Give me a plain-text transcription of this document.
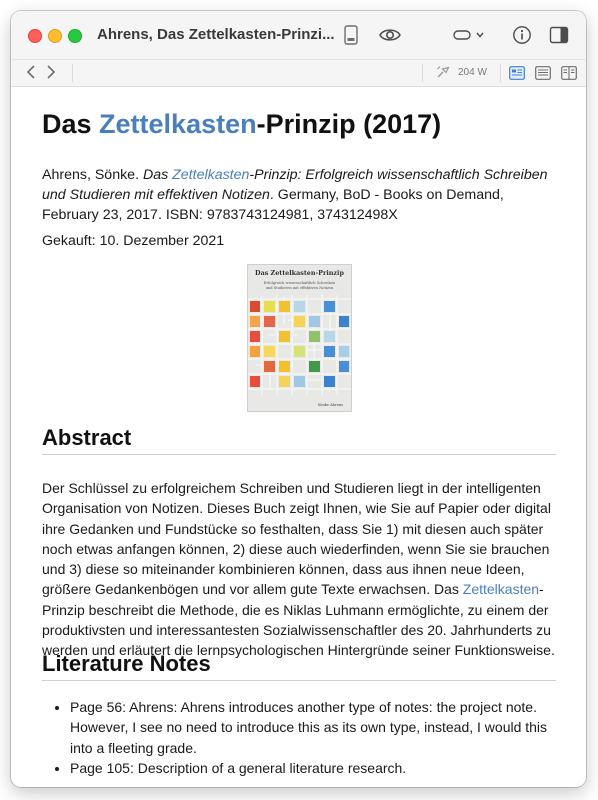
Ahrens, Das Zettelkasten-Prinzi...
204 W
Das Zettelkasten-Prinzip (2017)

Ahrens, Sönke. Das Zettelkasten-Prinzip: Erfolgreich wissenschaftlich Schreiben und Studieren mit effektiven Notizen. Germany, BoD - Books on Demand, February 23, 2017. ISBN: 9783743124981, 374312498X

Gekauft: 10. Dezember 2021

Das Zettelkasten-Prinzip
Erfolgreich wissenschaftlich Schreiben
und Studieren mit effektiven Notizen
Sönke Ahrens
Abstract

Der Schlüssel zu erfolgreichem Schreiben und Studieren liegt in der intelligenten Organisation von Notizen. Dieses Buch zeigt Ihnen, wie Sie auf Papier oder digital ihre Gedanken und Fundstücke so festhalten, dass Sie 1) mit diesen auch später noch etwas anfangen können, 2) diese auch wiederfinden, wenn Sie sie brauchen und 3) diese so miteinander kombinieren können, dass aus ihnen neue Ideen, größere Gedankenbögen und vor allem gute Texte erwachsen. Das Zettelkasten-Prinzip beschreibt die Methode, die es Niklas Luhmann ermöglichte, zu einem der produktivsten und interessantesten Sozialwissenschaftler des 20. Jahrhunderts zu werden und erläutert die lernpsychologischen Hintergründe seiner Funktionsweise.

Literature Notes
• Page 56: Ahrens: Ahrens introduces another type of notes: the project note. However, I see no need to introduce this as its own type, instead, I would this into a fleeting grade.
• Page 105: Description of a general literature research.
